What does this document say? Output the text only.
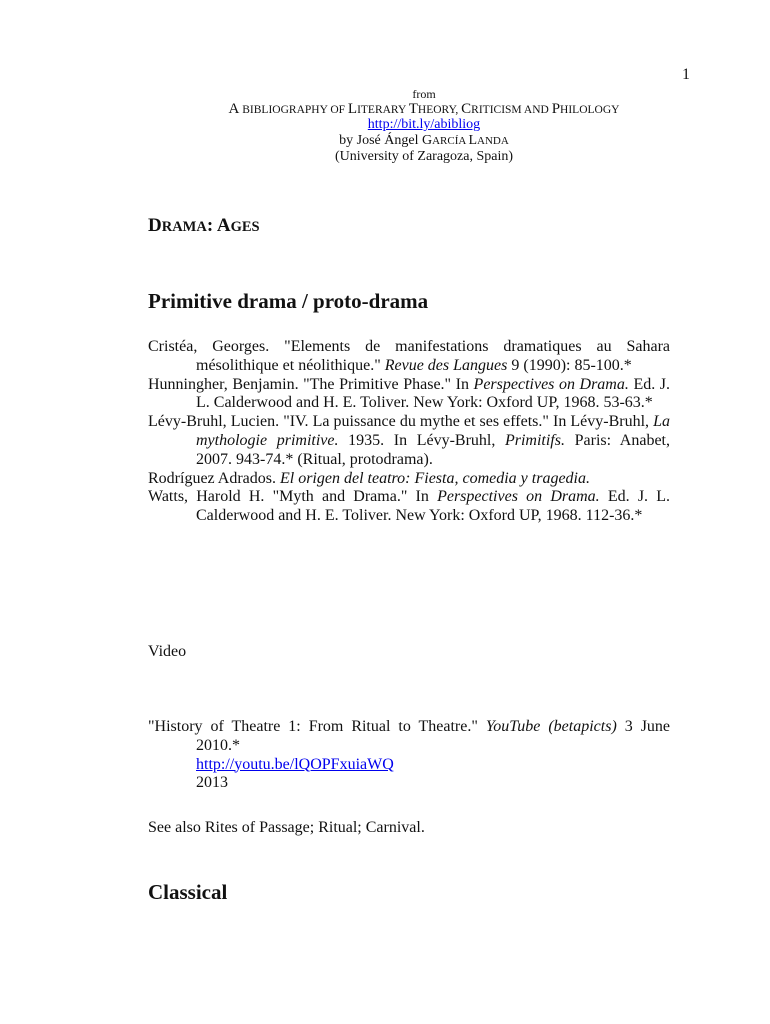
1
from
A BIBLIOGRAPHY OF LITERARY THEORY, CRITICISM AND PHILOLOGY
http://bit.ly/abibliog
by José Ángel GARCÍA LANDA
(University of Zaragoza, Spain)
DRAMA: AGES
Primitive drama / proto-drama

Cristéa, Georges. "Elements de manifestations dramatiques au Sahara mésolithique et néolithique." Revue des Langues 9 (1990): 85-100.*

Hunningher, Benjamin. "The Primitive Phase." In Perspectives on Drama. Ed. J. L. Calderwood and H. E. Toliver. New York: Oxford UP, 1968. 53-63.*

Lévy-Bruhl, Lucien. "IV. La puissance du mythe et ses effets." In Lévy-Bruhl, La mythologie primitive. 1935. In Lévy-Bruhl, Primitifs. Paris: Anabet, 2007. 943-74.* (Ritual, protodrama).

Rodríguez Adrados. El origen del teatro: Fiesta, comedia y tragedia.

Watts, Harold H. "Myth and Drama." In Perspectives on Drama. Ed. J. L. Calderwood and H. E. Toliver. New York: Oxford UP, 1968. 112-36.*

Video

"History of Theatre 1: From Ritual to Theatre." YouTube (betapicts) 3 June 2010.*
http://youtu.be/lQOPFxuiaWQ
2013

See also Rites of Passage; Ritual; Carnival.
Classical
